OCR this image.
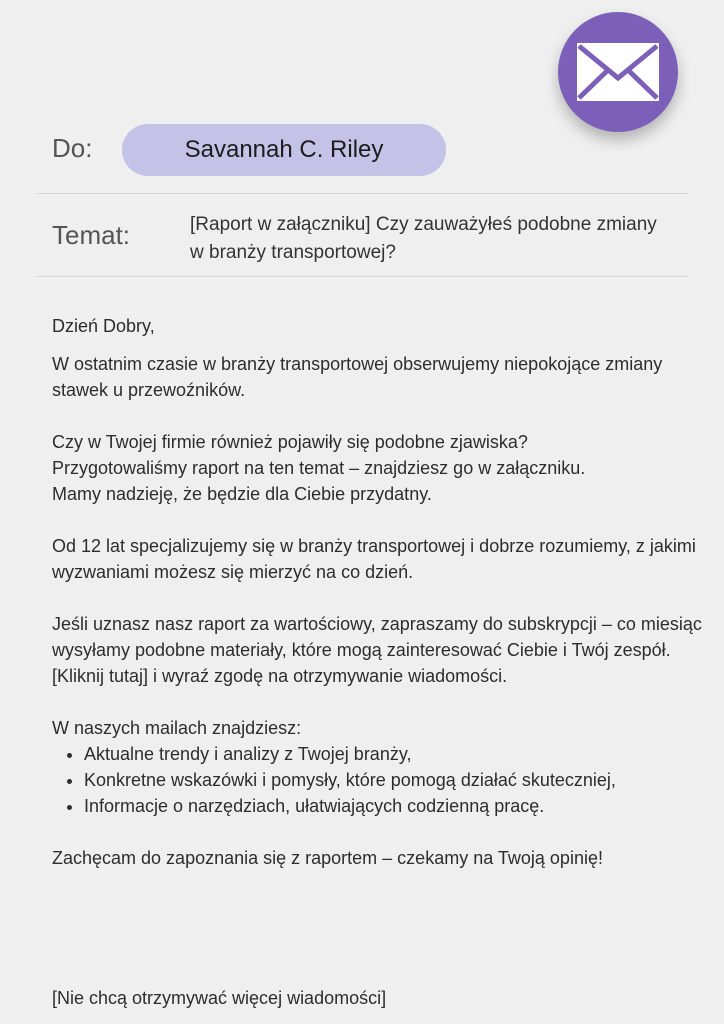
Do:	Savannah C. Riley
Temat:	[Raport w załączniku] Czy zauważyłeś podobne zmiany w branży transportowej?

Dzień Dobry,

W ostatnim czasie w branży transportowej obserwujemy niepokojące zmiany stawek u przewoźników.

Czy w Twojej firmie również pojawiły się podobne zjawiska?
Przygotowaliśmy raport na ten temat – znajdziesz go w załączniku.
Mamy nadzieję, że będzie dla Ciebie przydatny.

Od 12 lat specjalizujemy się w branży transportowej i dobrze rozumiemy, z jakimi wyzwaniami możesz się mierzyć na co dzień.

Jeśli uznasz nasz raport za wartościowy, zapraszamy do subskrypcji – co miesiąc wysyłamy podobne materiały, które mogą zainteresować Ciebie i Twój zespół.
[Kliknij tutaj] i wyraź zgodę na otrzymywanie wiadomości.

W naszych mailach znajdziesz:
• Aktualne trendy i analizy z Twojej branży,
• Konkretne wskazówki i pomysły, które pomogą działać skuteczniej,
• Informacje o narzędziach, ułatwiających codzienną pracę.

Zachęcam do zapoznania się z raportem – czekamy na Twoją opinię!

[Nie chcą otrzymywać więcej wiadomości]
